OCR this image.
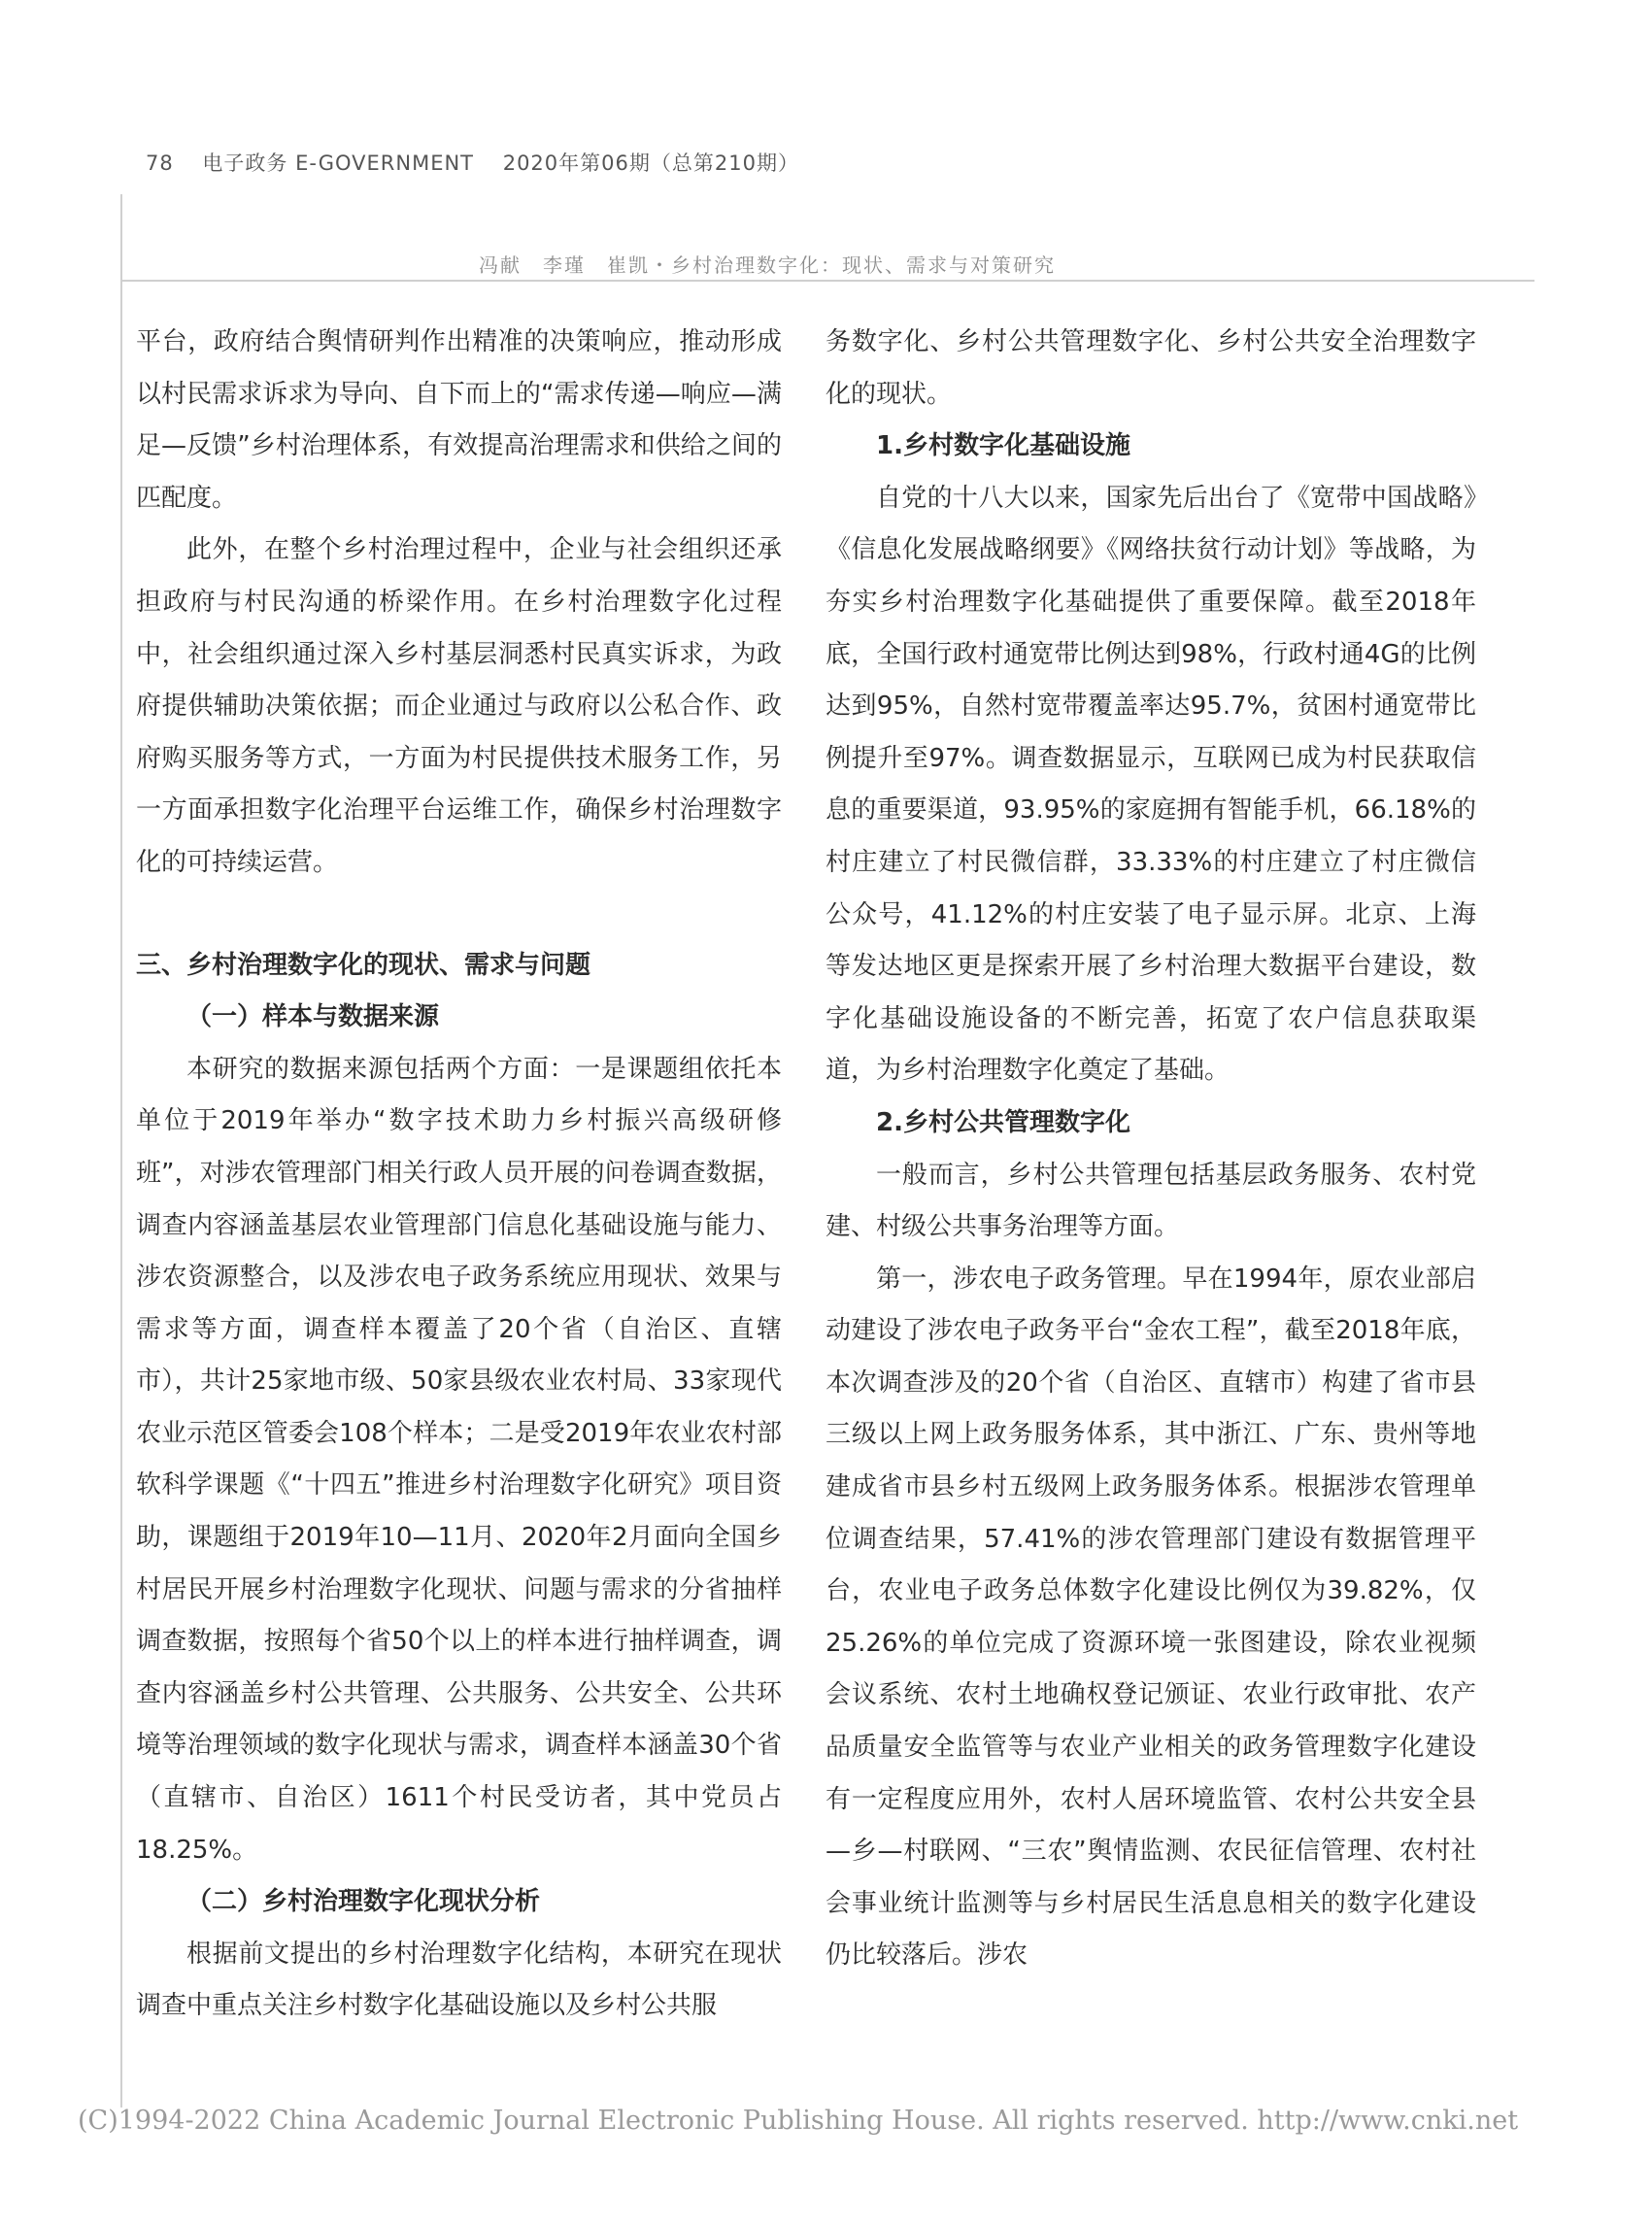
78 电子政务 E-GOVERNMENT 2020年第06期（总第210期）
冯献　李瑾　崔凯・乡村治理数字化：现状、需求与对策研究

平台，政府结合舆情研判作出精准的决策响应，推动形成以村民需求诉求为导向、自下而上的“需求传递—响应—满足—反馈”乡村治理体系，有效提高治理需求和供给之间的匹配度。

此外，在整个乡村治理过程中，企业与社会组织还承担政府与村民沟通的桥梁作用。在乡村治理数字化过程中，社会组织通过深入乡村基层洞悉村民真实诉求，为政府提供辅助决策依据；而企业通过与政府以公私合作、政府购买服务等方式，一方面为村民提供技术服务工作，另一方面承担数字化治理平台运维工作，确保乡村治理数字化的可持续运营。

三、乡村治理数字化的现状、需求与问题

（一）样本与数据来源

本研究的数据来源包括两个方面：一是课题组依托本单位于2019年举办“数字技术助力乡村振兴高级研修班”，对涉农管理部门相关行政人员开展的问卷调查数据，调查内容涵盖基层农业管理部门信息化基础设施与能力、涉农资源整合，以及涉农电子政务系统应用现状、效果与需求等方面，调查样本覆盖了20个省（自治区、直辖市），共计25家地市级、50家县级农业农村局、33家现代农业示范区管委会108个样本；二是受2019年农业农村部软科学课题《“十四五”推进乡村治理数字化研究》项目资助，课题组于2019年10—11月、2020年2月面向全国乡村居民开展乡村治理数字化现状、问题与需求的分省抽样调查数据，按照每个省50个以上的样本进行抽样调查，调查内容涵盖乡村公共管理、公共服务、公共安全、公共环境等治理领域的数字化现状与需求，调查样本涵盖30个省（直辖市、自治区）1611个村民受访者，其中党员占18.25%。

（二）乡村治理数字化现状分析

根据前文提出的乡村治理数字化结构，本研究在现状调查中重点关注乡村数字化基础设施以及乡村公共服

务数字化、乡村公共管理数字化、乡村公共安全治理数字化的现状。

1.乡村数字化基础设施

自党的十八大以来，国家先后出台了《宽带中国战略》《信息化发展战略纲要》《网络扶贫行动计划》等战略，为夯实乡村治理数字化基础提供了重要保障。截至2018年底，全国行政村通宽带比例达到98%，行政村通4G的比例达到95%，自然村宽带覆盖率达95.7%，贫困村通宽带比例提升至97%。调查数据显示，互联网已成为村民获取信息的重要渠道，93.95%的家庭拥有智能手机，66.18%的村庄建立了村民微信群，33.33%的村庄建立了村庄微信公众号，41.12%的村庄安装了电子显示屏。北京、上海等发达地区更是探索开展了乡村治理大数据平台建设，数字化基础设施设备的不断完善，拓宽了农户信息获取渠道，为乡村治理数字化奠定了基础。

2.乡村公共管理数字化

一般而言，乡村公共管理包括基层政务服务、农村党建、村级公共事务治理等方面。

第一，涉农电子政务管理。早在1994年，原农业部启动建设了涉农电子政务平台“金农工程”，截至2018年底，本次调查涉及的20个省（自治区、直辖市）构建了省市县三级以上网上政务服务体系，其中浙江、广东、贵州等地建成省市县乡村五级网上政务服务体系。根据涉农管理单位调查结果，57.41%的涉农管理部门建设有数据管理平台，农业电子政务总体数字化建设比例仅为39.82%，仅25.26%的单位完成了资源环境一张图建设，除农业视频会议系统、农村土地确权登记颁证、农业行政审批、农产品质量安全监管等与农业产业相关的政务管理数字化建设有一定程度应用外，农村人居环境监管、农村公共安全县—乡—村联网、“三农”舆情监测、农民征信管理、农村社会事业统计监测等与乡村居民生活息息相关的数字化建设仍比较落后。涉农

(C)1994-2022 China Academic Journal Electronic Publishing House. All rights reserved. http://www.cnki.net
